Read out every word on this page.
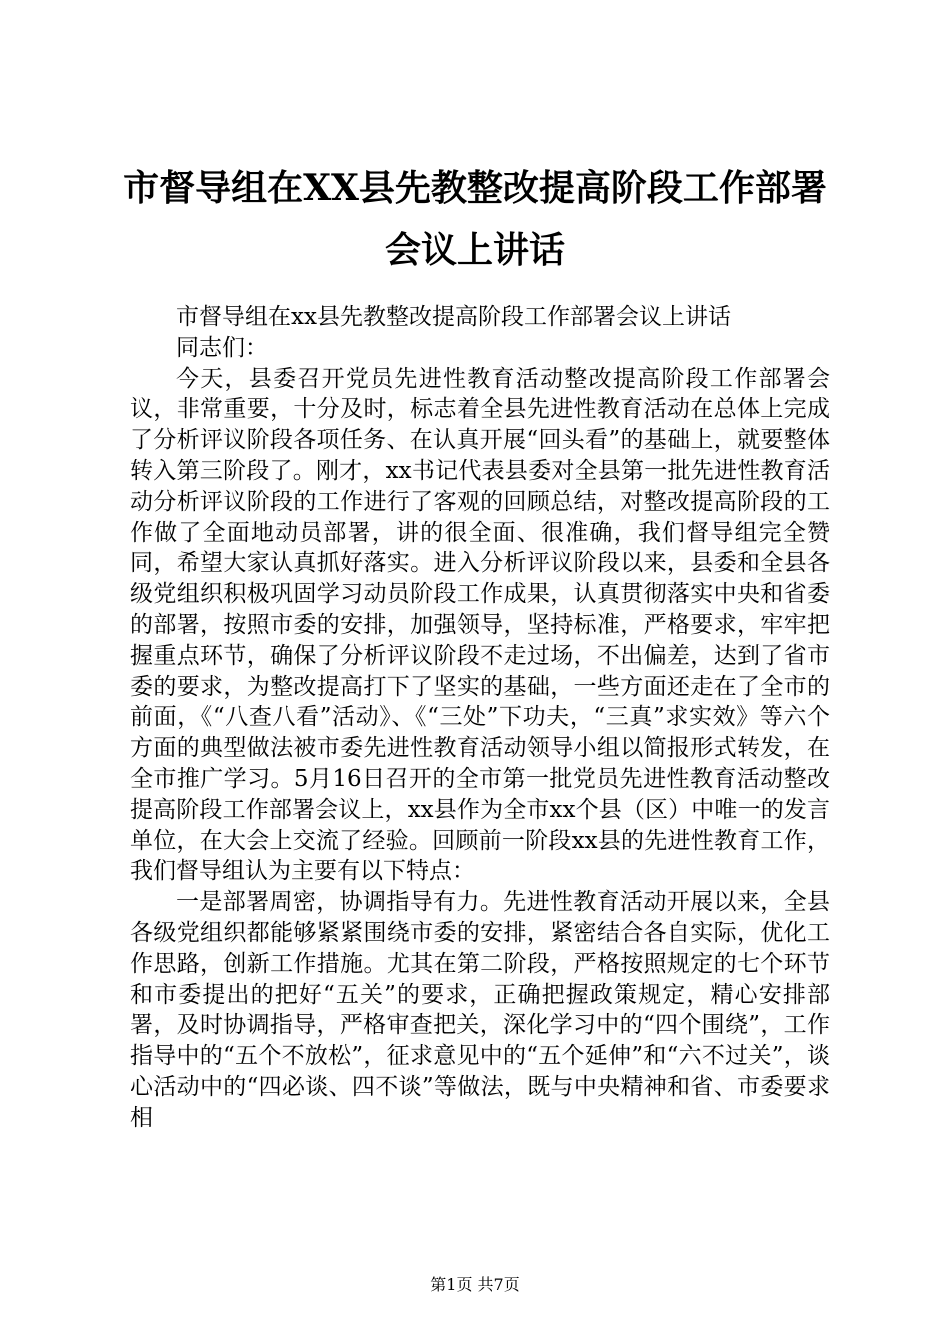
市督导组在XX县先教整改提高阶段工作部署
会议上讲话

市督导组在xx县先教整改提高阶段工作部署会议上讲话

同志们：

今天，县委召开党员先进性教育活动整改提高阶段工作部署会议，非常重要，十分及时，标志着全县先进性教育活动在总体上完成了分析评议阶段各项任务、在认真开展“回头看”的基础上，就要整体转入第三阶段了。刚才，xx书记代表县委对全县第一批先进性教育活动分析评议阶段的工作进行了客观的回顾总结，对整改提高阶段的工作做了全面地动员部署，讲的很全面、很准确，我们督导组完全赞同，希望大家认真抓好落实。进入分析评议阶段以来，县委和全县各级党组织积极巩固学习动员阶段工作成果，认真贯彻落实中央和省委的部署，按照市委的安排，加强领导，坚持标准，严格要求，牢牢把握重点环节，确保了分析评议阶段不走过场，不出偏差，达到了省市委的要求，为整改提高打下了坚实的基础，一些方面还走在了全市的前面，《“八查八看”活动》、《“三处”下功夫，“三真”求实效》等六个方面的典型做法被市委先进性教育活动领导小组以简报形式转发，在全市推广学习。5月16日召开的全市第一批党员先进性教育活动整改提高阶段工作部署会议上，xx县作为全市xx个县（区）中唯一的发言单位，在大会上交流了经验。回顾前一阶段xx县的先进性教育工作，我们督导组认为主要有以下特点：

一是部署周密，协调指导有力。先进性教育活动开展以来，全县各级党组织都能够紧紧围绕市委的安排，紧密结合各自实际，优化工作思路，创新工作措施。尤其在第二阶段，严格按照规定的七个环节和市委提出的把好“五关”的要求，正确把握政策规定，精心安排部署，及时协调指导，严格审查把关，深化学习中的“四个围绕”，工作指导中的“五个不放松”，征求意见中的“五个延伸”和“六不过关”，谈心活动中的“四必谈、四不谈”等做法，既与中央精神和省、市委要求相

第1页 共7页
